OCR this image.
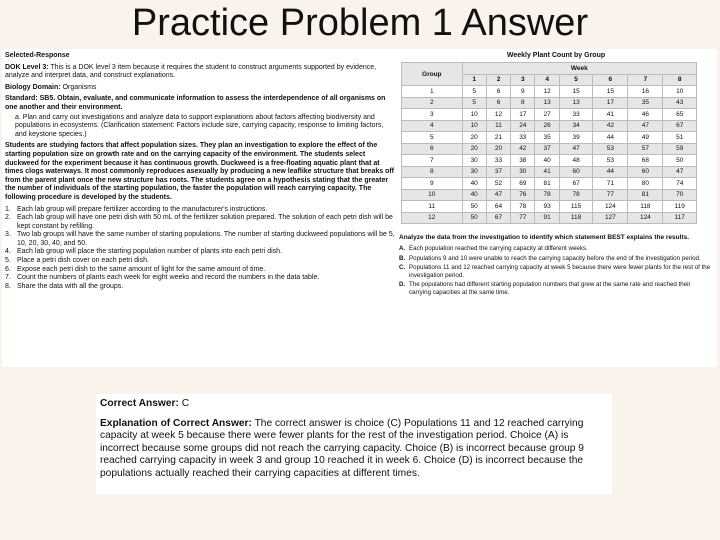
Practice Problem 1 Answer

Selected-Response

DOK Level 3: This is a DOK level 3 item because it requires the student to construct arguments supported by evidence, analyze and interpret data, and construct explanations.

Biology Domain: Organisms

Standard: SB5. Obtain, evaluate, and communicate information to assess the interdependence of all organisms on one another and their environment.

a. Plan and carry out investigations and analyze data to support explanations about factors affecting biodiversity and populations in ecosystems. (Clarification statement: Factors include size, carrying capacity, response to limiting factors, and keystone species.)

Students are studying factors that affect population sizes. They plan an investigation to explore the effect of the starting population size on growth rate and on the carrying capacity of the environment. The students select duckweed for the experiment because it has continuous growth. Duckweed is a free-floating aquatic plant that at times clogs waterways. It most commonly reproduces asexually by producing a new leaflike structure that breaks off from the parent plant once the new structure has roots. The students agree on a hypothesis stating that the greater the number of individuals of the starting population, the faster the population will reach carrying capacity. The following procedure is developed by the students.

1. Each lab group will prepare fertilizer according to the manufacturer's instructions.
2. Each lab group will have one petri dish with 50 mL of the fertilizer solution prepared. The solution of each petri dish will be kept constant by refilling.
3. Two lab groups will have the same number of starting populations. The number of starting duckweed populations will be 5, 10, 20, 30, 40, and 50.
4. Each lab group will place the starting population number of plants into each petri dish.
5. Place a petri dish cover on each petri dish.
6. Expose each petri dish to the same amount of light for the same amount of time.
7. Count the numbers of plants each week for eight weeks and record the numbers in the data table.
8. Share the data with all the groups.
Weekly Plant Count by Group
Group	Week							
	1	2	3	4	5	6	7	8
1	5	6	9	12	15	15	16	10
2	5	6	8	13	13	17	35	43
3	10	12	17	27	33	41	46	65
4	10	11	24	26	34	42	47	67
5	20	21	33	35	39	44	49	51
6	20	20	42	37	47	53	57	59
7	30	33	38	40	48	53	68	50
8	30	37	30	41	60	44	60	47
9	40	52	69	81	67	71	80	74
10	40	47	76	78	78	77	81	70
11	50	64	78	93	115	124	118	119
12	50	67	77	91	118	127	124	117
Analyze the data from the investigation to identify which statement BEST explains the results.
A. Each population reached the carrying capacity at different weeks.
B. Populations 9 and 10 were unable to reach the carrying capacity before the end of the investigation period.
C. Populations 11 and 12 reached carrying capacity at week 5 because there were fewer plants for the rest of the investigation period.
D. The populations had different starting population numbers that grew at the same rate and reached their carrying capacities at the same time.

Correct Answer: C

Explanation of Correct Answer: The correct answer is choice (C) Populations 11 and 12 reached carrying capacity at week 5 because there were fewer plants for the rest of the investigation period. Choice (A) is incorrect because some groups did not reach the carrying capacity. Choice (B) is incorrect because group 9 reached carrying capacity in week 3 and group 10 reached it in week 6. Choice (D) is incorrect because the populations actually reached their carrying capacities at different times.
